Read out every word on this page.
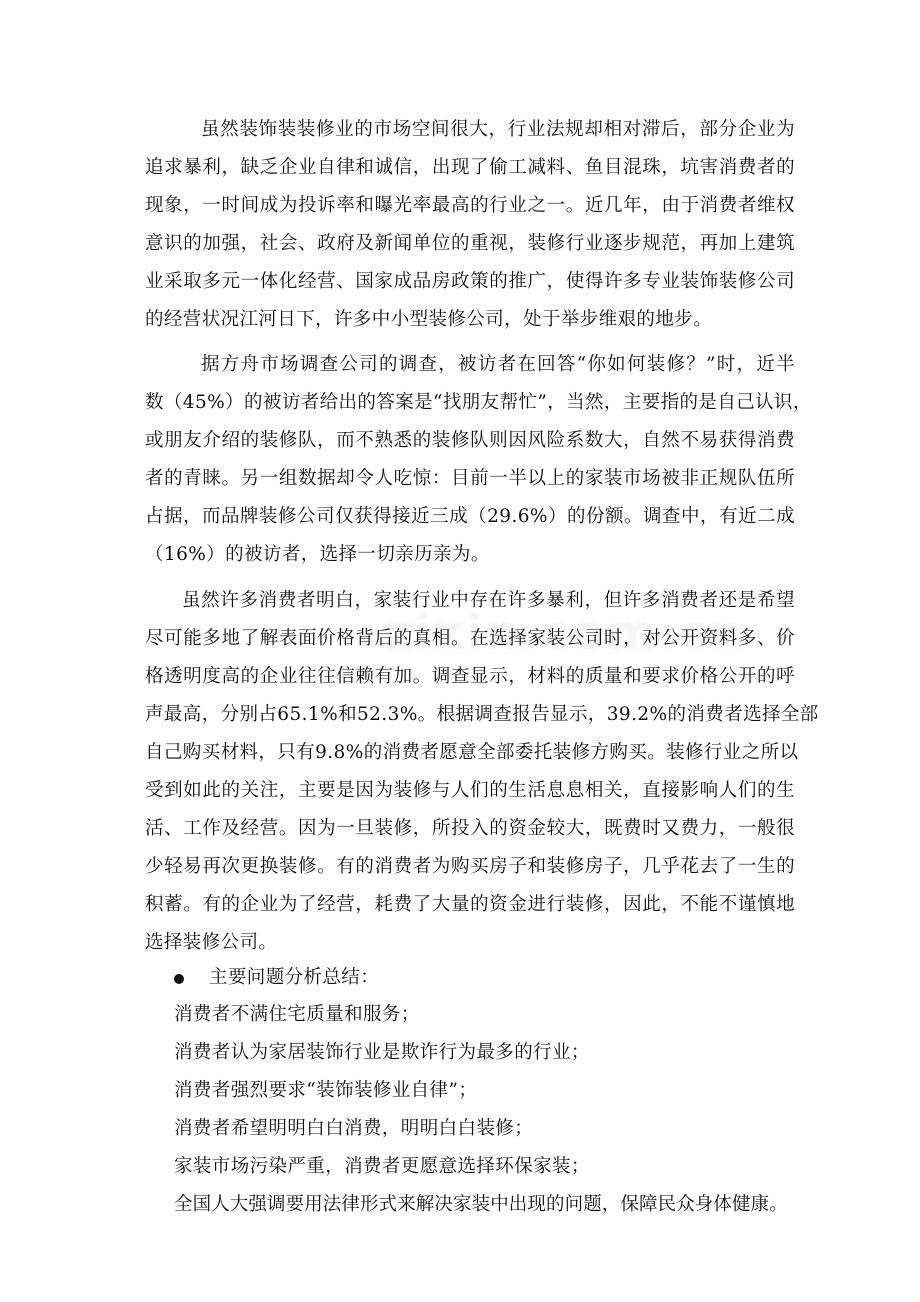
虽然装饰装装修业的市场空间很大，行业法规却相对滞后，部分企业为
追求暴利，缺乏企业自律和诚信，出现了偷工减料、鱼目混珠，坑害消费者的
现象，一时间成为投诉率和曝光率最高的行业之一。近几年，由于消费者维权
意识的加强，社会、政府及新闻单位的重视，装修行业逐步规范，再加上建筑
业采取多元一体化经营、国家成品房政策的推广，使得许多专业装饰装修公司
的经营状况江河日下，许多中小型装修公司，处于举步维艰的地步。
据方舟市场调查公司的调查，被访者在回答“你如何装修？”时，近半
数（45%）的被访者给出的答案是“找朋友帮忙”，当然，主要指的是自己认识，
或朋友介绍的装修队，而不熟悉的装修队则因风险系数大，自然不易获得消费
者的青睐。另一组数据却令人吃惊：目前一半以上的家装市场被非正规队伍所
占据，而品牌装修公司仅获得接近三成（29.6%）的份额。调查中，有近二成
（16%）的被访者，选择一切亲历亲为。
虽然许多消费者明白，家装行业中存在许多暴利，但许多消费者还是希望
尽可能多地了解表面价格背后的真相。在选择家装公司时，对公开资料多、价
格透明度高的企业往往信赖有加。调查显示，材料的质量和要求价格公开的呼
声最高，分别占65.1%和52.3%。根据调查报告显示，39.2%的消费者选择全部
自己购买材料，只有9.8%的消费者愿意全部委托装修方购买。装修行业之所以
受到如此的关注，主要是因为装修与人们的生活息息相关，直接影响人们的生
活、工作及经营。因为一旦装修，所投入的资金较大，既费时又费力，一般很
少轻易再次更换装修。有的消费者为购买房子和装修房子，几乎花去了一生的
积蓄。有的企业为了经营，耗费了大量的资金进行装修，因此，不能不谨慎地
选择装修公司。
主要问题分析总结：
消费者不满住宅质量和服务；
消费者认为家居装饰行业是欺诈行为最多的行业；
消费者强烈要求“装饰装修业自律”；
消费者希望明明白白消费，明明白白装修；
家装市场污染严重，消费者更愿意选择环保家装；
全国人大强调要用法律形式来解决家装中出现的问题，保障民众身体健康。
